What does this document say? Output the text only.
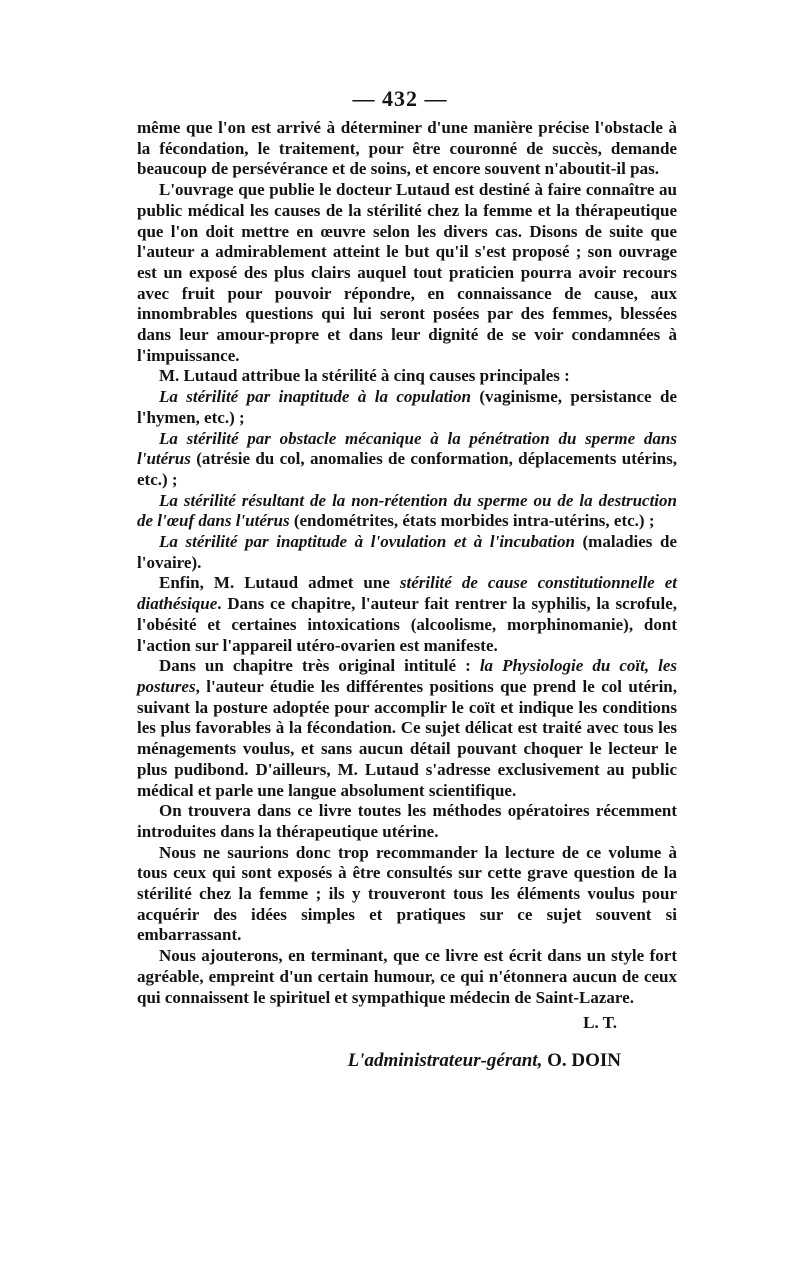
— 432 —

même que l'on est arrivé à déterminer d'une manière précise l'obstacle à la fécondation, le traitement, pour être couronné de succès, demande beaucoup de persévérance et de soins, et encore souvent n'aboutit-il pas.

L'ouvrage que publie le docteur Lutaud est destiné à faire connaître au public médical les causes de la stérilité chez la femme et la thérapeutique que l'on doit mettre en œuvre selon les divers cas. Disons de suite que l'auteur a admirablement atteint le but qu'il s'est proposé ; son ouvrage est un exposé des plus clairs auquel tout praticien pourra avoir recours avec fruit pour pouvoir répondre, en connaissance de cause, aux innombrables questions qui lui seront posées par des femmes, blessées dans leur amour-propre et dans leur dignité de se voir condamnées à l'impuissance.

M. Lutaud attribue la stérilité à cinq causes principales :

La stérilité par inaptitude à la copulation (vaginisme, persistance de l'hymen, etc.) ;

La stérilité par obstacle mécanique à la pénétration du sperme dans l'utérus (atrésie du col, anomalies de conformation, déplacements utérins, etc.) ;

La stérilité résultant de la non-rétention du sperme ou de la destruction de l'œuf dans l'utérus (endométrites, états morbides intra-utérins, etc.) ;

La stérilité par inaptitude à l'ovulation et à l'incubation (maladies de l'ovaire).

Enfin, M. Lutaud admet une stérilité de cause constitutionnelle et diathésique. Dans ce chapitre, l'auteur fait rentrer la syphilis, la scrofule, l'obésité et certaines intoxications (alcoolisme, morphinomanie), dont l'action sur l'appareil utéro-ovarien est manifeste.

Dans un chapitre très original intitulé : la Physiologie du coït, les postures, l'auteur étudie les différentes positions que prend le col utérin, suivant la posture adoptée pour accomplir le coït et indique les conditions les plus favorables à la fécondation. Ce sujet délicat est traité avec tous les ménagements voulus, et sans aucun détail pouvant choquer le lecteur le plus pudibond. D'ailleurs, M. Lutaud s'adresse exclusivement au public médical et parle une langue absolument scientifique.

On trouvera dans ce livre toutes les méthodes opératoires récemment introduites dans la thérapeutique utérine.

Nous ne saurions donc trop recommander la lecture de ce volume à tous ceux qui sont exposés à être consultés sur cette grave question de la stérilité chez la femme ; ils y trouveront tous les éléments voulus pour acquérir des idées simples et pratiques sur ce sujet souvent si embarrassant.

Nous ajouterons, en terminant, que ce livre est écrit dans un style fort agréable, empreint d'un certain humour, ce qui n'étonnera aucun de ceux qui connaissent le spirituel et sympathique médecin de Saint-Lazare.

L. T.
L'administrateur-gérant, O. DOIN
